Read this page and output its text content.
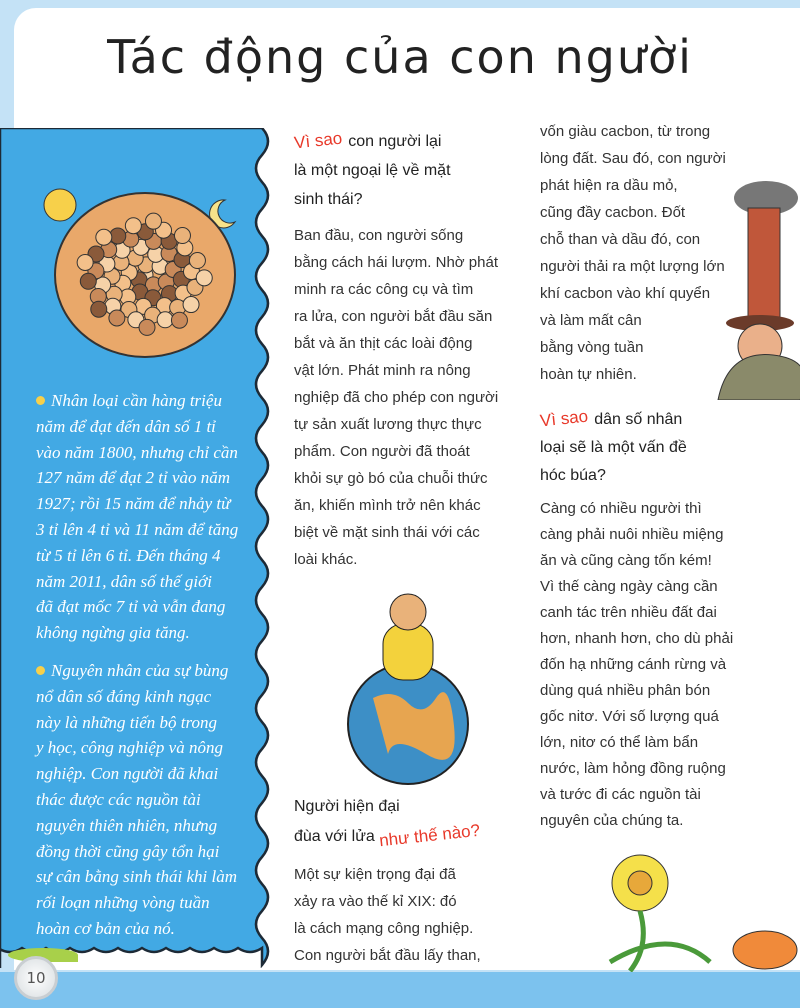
Tác động của con người
Nhân loại cần hàng triệu
năm để đạt đến dân số 1 tỉ
vào năm 1800, nhưng chỉ cần
127 năm để đạt 2 tỉ vào năm
1927; rồi 15 năm để nhảy từ
3 tỉ lên 4 tỉ và 11 năm để tăng
từ 5 tỉ lên 6 tỉ. Đến tháng 4
năm 2011, dân số thế giới
đã đạt mốc 7 tỉ và vẫn đang
không ngừng gia tăng.
Nguyên nhân của sự bùng
nổ dân số đáng kinh ngạc
này là những tiến bộ trong
y học, công nghiệp và nông
nghiệp. Con người đã khai
thác được các nguồn tài
nguyên thiên nhiên, nhưng
đồng thời cũng gây tổn hại
sự cân bằng sinh thái khi làm
rối loạn những vòng tuần
hoàn cơ bản của nó.
Vì sao con người lại
là một ngoại lệ về mặt
sinh thái?
Ban đầu, con người sống
bằng cách hái lượm. Nhờ phát
minh ra các công cụ và tìm
ra lửa, con người bắt đầu săn
bắt và ăn thịt các loài động
vật lớn. Phát minh ra nông
nghiệp đã cho phép con người
tự sản xuất lương thực thực
phẩm. Con người đã thoát
khỏi sự gò bó của chuỗi thức
ăn, khiến mình trở nên khác
biệt về mặt sinh thái với các
loài khác.
Người hiện đại
đùa với lửa như thế nào?
Một sự kiện trọng đại đã
xảy ra vào thế kỉ XIX: đó
là cách mạng công nghiệp.
Con người bắt đầu lấy than,
vốn giàu cacbon, từ trong
lòng đất. Sau đó, con người
phát hiện ra dầu mỏ,
cũng đầy cacbon. Đốt
chỗ than và dầu đó, con
người thải ra một lượng lớn
khí cacbon vào khí quyển
và làm mất cân
bằng vòng tuần
hoàn tự nhiên.
Vì sao dân số nhân
loại sẽ là một vấn đề
hóc búa?
Càng có nhiều người thì
càng phải nuôi nhiều miệng
ăn và cũng càng tốn kém!
Vì thế càng ngày càng cần
canh tác trên nhiều đất đai
hơn, nhanh hơn, cho dù phải
đốn hạ những cánh rừng và
dùng quá nhiều phân bón
gốc nitơ. Với số lượng quá
lớn, nitơ có thể làm bẩn
nước, làm hỏng đồng ruộng
và tước đi các nguồn tài
nguyên của chúng ta.
10
